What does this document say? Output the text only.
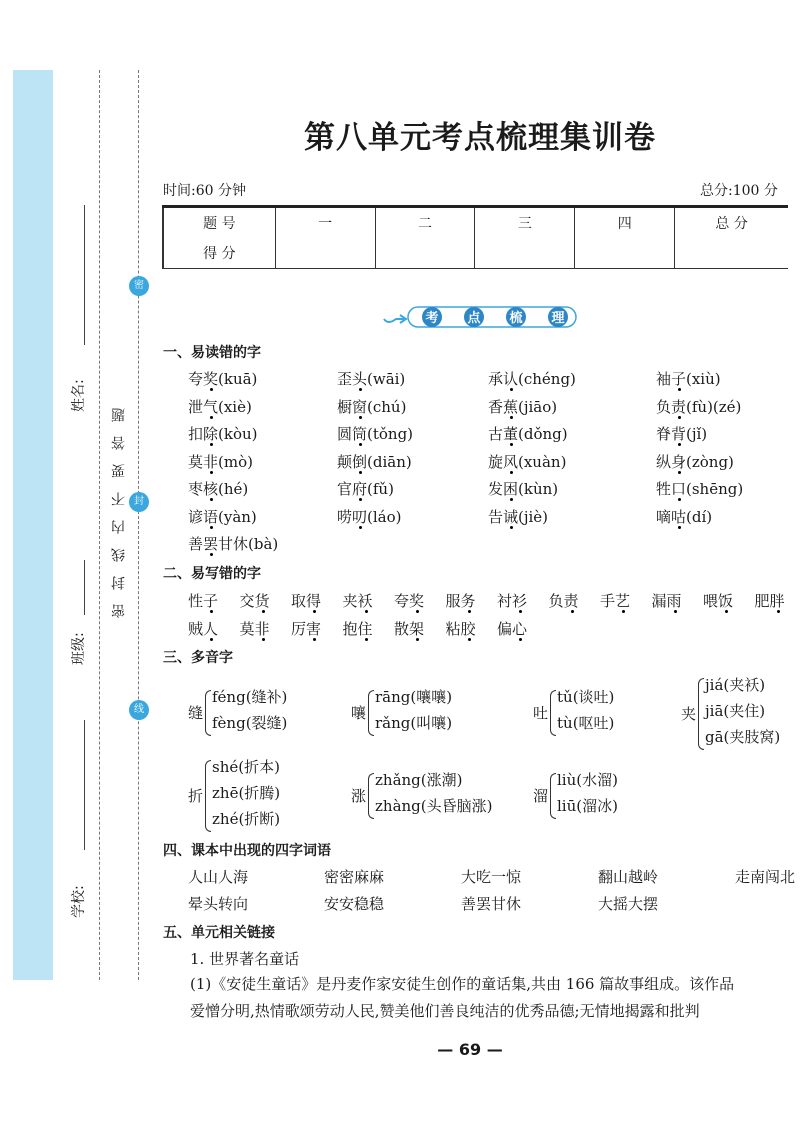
姓名:
班级:
学校:
密封线内不要答题
密
封
线
第八单元考点梳理集训卷
时间:60 分钟	总分:100 分
题 号	一	二	三	四	总 分
得 分					
考 点 梳 理
一、易读错的字
二、易写错的字
三、多音字
四、课本中出现的四字词语
五、单元相关链接
夸奖(kuā)	歪头(wāi)	承认(chéng)	袖子(xiù)
泄气(xiè)	橱窗(chú)	香蕉(jiāo)	负责(fù)(zé)
扣除(kòu)	圆筒(tǒng)	古董(dǒng)	脊背(jǐ)
莫非(mò)	颠倒(diān)	旋风(xuàn)	纵身(zòng)
枣核(hé)	官府(fǔ)	发困(kùn)	牲口(shēng)
谚语(yàn)	唠叨(láo)	告诫(jiè)	嘀咕(dí)
善罢甘休(bà)
性子 交货 取得 夹袄 夸奖 服务 衬衫 负责 手艺 漏雨 喂饭 肥胖
贼人 莫非 厉害 抱住 散架 粘胶 偏心
缝
féng(缝补)
fèng(裂缝)
嚷
rāng(嚷嚷)
rǎng(叫嚷)
吐
tǔ(谈吐)
tù(呕吐)	夹
jiá(夹袄)
jiā(夹住)
gā(夹肢窝)
折
shé(折本)
zhē(折腾)
zhé(折断)
涨
zhǎng(涨潮)
zhàng(头昏脑涨)
溜
liù(水溜)
liū(溜冰)
人山人海	密密麻麻	大吃一惊	翻山越岭	走南闯北
晕头转向	安安稳稳	善罢甘休	大摇大摆
1. 世界著名童话
(1)《安徒生童话》是丹麦作家安徒生创作的童话集,共由 166 篇故事组成。该作品
爱憎分明,热情歌颂劳动人民,赞美他们善良纯洁的优秀品德;无情地揭露和批判
— 69 —
